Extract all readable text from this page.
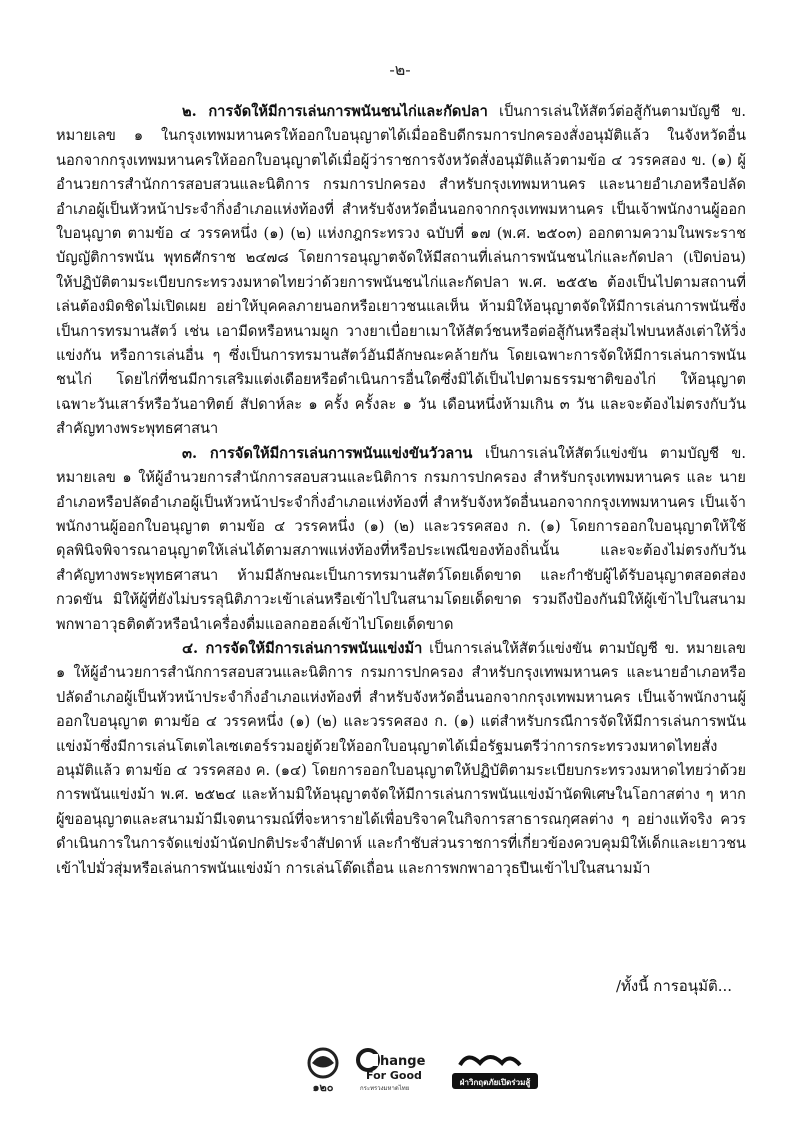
-๒-

๒. การจัดให้มีการเล่นการพนันชนไก่และกัดปลา เป็นการเล่นให้สัตว์ต่อสู้กันตามบัญชี ข. หมายเลข ๑ ในกรุงเทพมหานครให้ออกใบอนุญาตได้เมื่ออธิบดีกรมการปกครองสั่งอนุมัติแล้ว ในจังหวัดอื่นนอกจากกรุงเทพมหานครให้ออกใบอนุญาตได้เมื่อผู้ว่าราชการจังหวัดสั่งอนุมัติแล้วตามข้อ ๔ วรรคสอง ข. (๑) ผู้อำนวยการสำนักการสอบสวนและนิติการ กรมการปกครอง สำหรับกรุงเทพมหานคร และนายอำเภอหรือปลัดอำเภอผู้เป็นหัวหน้าประจำกิ่งอำเภอแห่งท้องที่ สำหรับจังหวัดอื่นนอกจากกรุงเทพมหานคร เป็นเจ้าพนักงานผู้ออกใบอนุญาต ตามข้อ ๔ วรรคหนึ่ง (๑) (๒) แห่งกฎกระทรวง ฉบับที่ ๑๗ (พ.ศ. ๒๕๐๓) ออกตามความในพระราชบัญญัติการพนัน พุทธศักราช ๒๔๗๘ โดยการอนุญาตจัดให้มีสถานที่เล่นการพนันชนไก่และกัดปลา (เปิดบ่อน) ให้ปฏิบัติตามระเบียบกระทรวงมหาดไทยว่าด้วยการพนันชนไก่และกัดปลา พ.ศ. ๒๕๕๒ ต้องเป็นไปตามสถานที่เล่นต้องมิดชิดไม่เปิดเผย อย่าให้บุคคลภายนอกหรือเยาวชนแลเห็น ห้ามมิให้อนุญาตจัดให้มีการเล่นการพนันซึ่งเป็นการทรมานสัตว์ เช่น เอามีดหรือหนามผูก วางยาเบื่อยาเมาให้สัตว์ชนหรือต่อสู้กันหรือสุ่มไฟบนหลังเต่าให้วิ่งแข่งกัน หรือการเล่นอื่น ๆ ซึ่งเป็นการทรมานสัตว์อันมีลักษณะคล้ายกัน โดยเฉพาะการจัดให้มีการเล่นการพนันชนไก่ โดยไก่ที่ชนมีการเสริมแต่งเดือยหรือดำเนินการอื่นใดซึ่งมิได้เป็นไปตามธรรมชาติของไก่ ให้อนุญาตเฉพาะวันเสาร์หรือวันอาทิตย์ สัปดาห์ละ ๑ ครั้ง ครั้งละ ๑ วัน เดือนหนึ่งห้ามเกิน ๓ วัน และจะต้องไม่ตรงกับวันสำคัญทางพระพุทธศาสนา

๓. การจัดให้มีการเล่นการพนันแข่งขันวัวลาน เป็นการเล่นให้สัตว์แข่งขัน ตามบัญชี ข. หมายเลข ๑ ให้ผู้อำนวยการสำนักการสอบสวนและนิติการ กรมการปกครอง สำหรับกรุงเทพมหานคร และ นายอำเภอหรือปลัดอำเภอผู้เป็นหัวหน้าประจำกิ่งอำเภอแห่งท้องที่ สำหรับจังหวัดอื่นนอกจากกรุงเทพมหานคร เป็นเจ้าพนักงานผู้ออกใบอนุญาต ตามข้อ ๔ วรรคหนึ่ง (๑) (๒) และวรรคสอง ก. (๑) โดยการออกใบอนุญาตให้ใช้ดุลพินิจพิจารณาอนุญาตให้เล่นได้ตามสภาพแห่งท้องที่หรือประเพณีของท้องถิ่นนั้น และจะต้องไม่ตรงกับวันสำคัญทางพระพุทธศาสนา ห้ามมีลักษณะเป็นการทรมานสัตว์โดยเด็ดขาด และกำชับผู้ได้รับอนุญาตสอดส่อง กวดขัน มิให้ผู้ที่ยังไม่บรรลุนิติภาวะเข้าเล่นหรือเข้าไปในสนามโดยเด็ดขาด รวมถึงป้องกันมิให้ผู้เข้าไปในสนามพกพาอาวุธติดตัวหรือนำเครื่องดื่มแอลกอฮอล์เข้าไปโดยเด็ดขาด

๔. การจัดให้มีการเล่นการพนันแข่งม้า เป็นการเล่นให้สัตว์แข่งขัน ตามบัญชี ข. หมายเลข ๑ ให้ผู้อำนวยการสำนักการสอบสวนและนิติการ กรมการปกครอง สำหรับกรุงเทพมหานคร และนายอำเภอหรือปลัดอำเภอผู้เป็นหัวหน้าประจำกิ่งอำเภอแห่งท้องที่ สำหรับจังหวัดอื่นนอกจากกรุงเทพมหานคร เป็นเจ้าพนักงานผู้ออกใบอนุญาต ตามข้อ ๔ วรรคหนึ่ง (๑) (๒) และวรรคสอง ก. (๑) แต่สำหรับกรณีการจัดให้มีการเล่นการพนันแข่งม้าซึ่งมีการเล่นโตเตไลเซเตอร์รวมอยู่ด้วยให้ออกใบอนุญาตได้เมื่อรัฐมนตรีว่าการกระทรวงมหาดไทยสั่งอนุมัติแล้ว ตามข้อ ๔ วรรคสอง ค. (๑๔) โดยการออกใบอนุญาตให้ปฏิบัติตามระเบียบกระทรวงมหาดไทยว่าด้วยการพนันแข่งม้า พ.ศ. ๒๕๒๔ และห้ามมิให้อนุญาตจัดให้มีการเล่นการพนันแข่งม้านัดพิเศษในโอกาสต่าง ๆ หากผู้ขออนุญาตและสนามม้ามีเจตนารมณ์ที่จะหารายได้เพื่อบริจาคในกิจการสาธารณกุศลต่าง ๆ อย่างแท้จริง ควรดำเนินการในการจัดแข่งม้านัดปกติประจำสัปดาห์ และกำชับส่วนราชการที่เกี่ยวข้องควบคุมมิให้เด็กและเยาวชนเข้าไปมั่วสุ่มหรือเล่นการพนันแข่งม้า การเล่นโต๊ดเถื่อน และการพกพาอาวุธปืนเข้าไปในสนามม้า

/ทั้งนี้ การอนุมัติ...
๑๒๐
hange
For Good
กระทรวงมหาดไทย
ฝ่าวิกฤตภัยเปิดร่วมสู้
